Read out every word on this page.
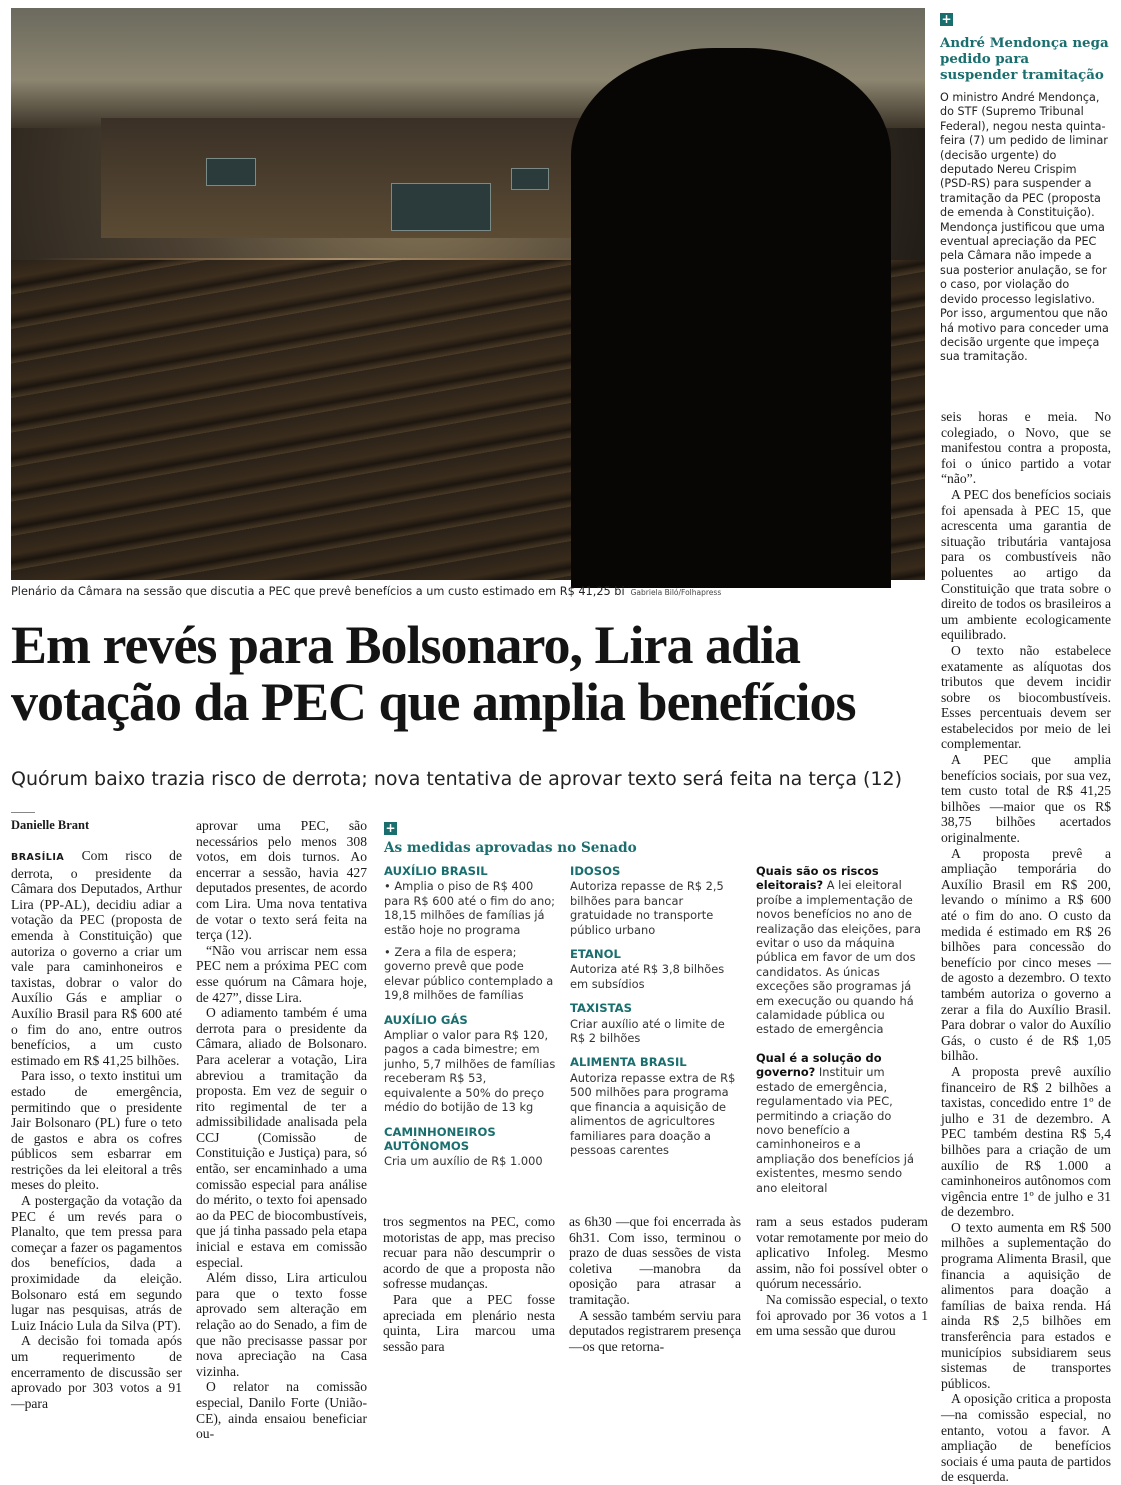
Plenário da Câmara na sessão que discutia a PEC que prevê benefícios a um custo estimado em R$ 41,25 bi Gabriela Biló/Folhapress
+
André Mendonça nega pedido para suspender tramitação
O ministro André Mendonça, do STF (Supremo Tribunal Federal), negou nesta quinta-feira (7) um pedido de liminar (decisão urgente) do deputado Nereu Crispim (PSD-RS) para suspender a tramitação da PEC (proposta de emenda à Constituição). Mendonça justificou que uma eventual apreciação da PEC pela Câmara não impede a sua posterior anulação, se for o caso, por violação do devido processo legislativo. Por isso, argumentou que não há motivo para conceder uma decisão urgente que impeça sua tramitação.
Em revés para Bolsonaro, Lira adia votação da PEC que amplia benefícios
Quórum baixo trazia risco de derrota; nova tentativa de aprovar texto será feita na terça (12)
Danielle Brant

BRASÍLIA Com risco de derrota, o presidente da Câmara dos Deputados, Arthur Lira (PP-AL), decidiu adiar a votação da PEC (proposta de emenda à Constituição) que autoriza o governo a criar um vale para caminhoneiros e taxistas, dobrar o valor do Auxílio Gás e ampliar o Auxílio Brasil para R$ 600 até o fim do ano, entre outros benefícios, a um custo estimado em R$ 41,25 bilhões.

Para isso, o texto institui um estado de emergência, permitindo que o presidente Jair Bolsonaro (PL) fure o teto de gastos e abra os cofres públicos sem esbarrar em restrições da lei eleitoral a três meses do pleito.

A postergação da votação da PEC é um revés para o Planalto, que tem pressa para começar a fazer os pagamentos dos benefícios, dada a proximidade da eleição. Bolsonaro está em segundo lugar nas pesquisas, atrás de Luiz Inácio Lula da Silva (PT).

A decisão foi tomada após um requerimento de encerramento de discussão ser aprovado por 303 votos a 91 —para

aprovar uma PEC, são necessários pelo menos 308 votos, em dois turnos. Ao encerrar a sessão, havia 427 deputados presentes, de acordo com Lira. Uma nova tentativa de votar o texto será feita na terça (12).

“Não vou arriscar nem essa PEC nem a próxima PEC com esse quórum na Câmara hoje, de 427”, disse Lira.

O adiamento também é uma derrota para o presidente da Câmara, aliado de Bolsonaro. Para acelerar a votação, Lira abreviou a tramitação da proposta. Em vez de seguir o rito regimental de ter a admissibilidade analisada pela CCJ (Comissão de Constituição e Justiça) para, só então, ser encaminhado a uma comissão especial para análise do mérito, o texto foi apensado ao da PEC de biocombustíveis, que já tinha passado pela etapa inicial e estava em comissão especial.

Além disso, Lira articulou para que o texto fosse aprovado sem alteração em relação ao do Senado, a fim de que não precisasse passar por nova apreciação na Casa vizinha.

O relator na comissão especial, Danilo Forte (União-CE), ainda ensaiou beneficiar ou-

tros segmentos na PEC, como motoristas de app, mas preciso recuar para não descumprir o acordo de que a proposta não sofresse mudanças.

Para que a PEC fosse apreciada em plenário nesta quinta, Lira marcou uma sessão para

as 6h30 —que foi encerrada às 6h31. Com isso, terminou o prazo de duas sessões de vista coletiva —manobra da oposição para atrasar a tramitação.

A sessão também serviu para deputados registrarem presença —os que retorna-

ram a seus estados puderam votar remotamente por meio do aplicativo Infoleg. Mesmo assim, não foi possível obter o quórum necessário.

Na comissão especial, o texto foi aprovado por 36 votos a 1 em uma sessão que durou

seis horas e meia. No colegiado, o Novo, que se manifestou contra a proposta, foi o único partido a votar “não”.

A PEC dos benefícios sociais foi apensada à PEC 15, que acrescenta uma garantia de situação tributária vantajosa para os combustíveis não poluentes ao artigo da Constituição que trata sobre o direito de todos os brasileiros a um ambiente ecologicamente equilibrado.

O texto não estabelece exatamente as alíquotas dos tributos que devem incidir sobre os biocombustíveis. Esses percentuais devem ser estabelecidos por meio de lei complementar.

A PEC que amplia benefícios sociais, por sua vez, tem custo total de R$ 41,25 bilhões —maior que os R$ 38,75 bilhões acertados originalmente.

A proposta prevê a ampliação temporária do Auxílio Brasil em R$ 200, levando o mínimo a R$ 600 até o fim do ano. O custo da medida é estimado em R$ 26 bilhões para concessão do benefício por cinco meses —de agosto a dezembro. O texto também autoriza o governo a zerar a fila do Auxílio Brasil. Para dobrar o valor do Auxílio Gás, o custo é de R$ 1,05 bilhão.

A proposta prevê auxílio financeiro de R$ 2 bilhões a taxistas, concedido entre 1º de julho e 31 de dezembro. A PEC também destina R$ 5,4 bilhões para a criação de um auxílio de R$ 1.000 a caminhoneiros autônomos com vigência entre 1º de julho e 31 de dezembro.

O texto aumenta em R$ 500 milhões a suplementação do programa Alimenta Brasil, que financia a aquisição de alimentos para doação a famílias de baixa renda. Há ainda R$ 2,5 bilhões em transferência para estados e municípios subsidiarem seus sistemas de transportes públicos.

A oposição critica a proposta —na comissão especial, no entanto, votou a favor. A ampliação de benefícios sociais é uma pauta de partidos de esquerda.

+
As medidas aprovadas no Senado
AUXÍLIO BRASIL
• Amplia o piso de R$ 400 para R$ 600 até o fim do ano; 18,15 milhões de famílias já estão hoje no programa
• Zera a fila de espera; governo prevê que pode elevar público contemplado a 19,8 milhões de famílias
AUXÍLIO GÁS
Ampliar o valor para R$ 120, pagos a cada bimestre; em junho, 5,7 milhões de famílias receberam R$ 53, equivalente a 50% do preço médio do botijão de 13 kg
CAMINHONEIROS AUTÔNOMOS
Cria um auxílio de R$ 1.000
IDOSOS
Autoriza repasse de R$ 2,5 bilhões para bancar gratuidade no transporte público urbano
ETANOL
Autoriza até R$ 3,8 bilhões em subsídios
TAXISTAS
Criar auxílio até o limite de R$ 2 bilhões
ALIMENTA BRASIL
Autoriza repasse extra de R$ 500 milhões para programa que financia a aquisição de alimentos de agricultores familiares para doação a pessoas carentes
Quais são os riscos eleitorais? A lei eleitoral proíbe a implementação de novos benefícios no ano de realização das eleições, para evitar o uso da máquina pública em favor de um dos candidatos. As únicas exceções são programas já em execução ou quando há calamidade pública ou estado de emergência
Qual é a solução do governo? Instituir um estado de emergência, regulamentado via PEC, permitindo a criação do novo benefício a caminhoneiros e a ampliação dos benefícios já existentes, mesmo sendo ano eleitoral
